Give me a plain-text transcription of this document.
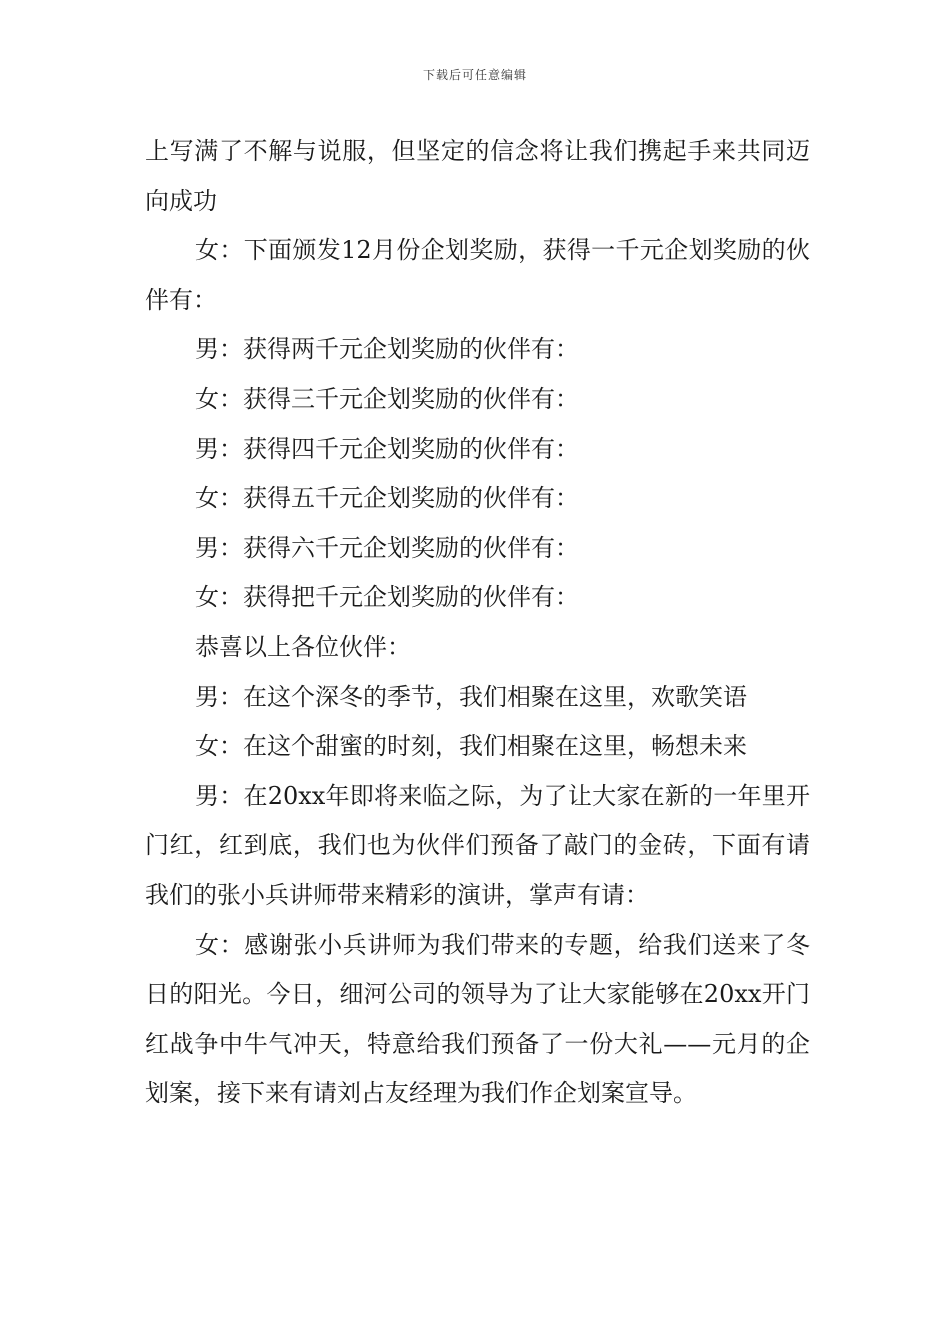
下载后可任意编辑

上写满了不解与说服，但坚定的信念将让我们携起手来共同迈向成功

女：下面颁发12月份企划奖励，获得一千元企划奖励的伙伴有：

男：获得两千元企划奖励的伙伴有：

女：获得三千元企划奖励的伙伴有：

男：获得四千元企划奖励的伙伴有：

女：获得五千元企划奖励的伙伴有：

男：获得六千元企划奖励的伙伴有：

女：获得把千元企划奖励的伙伴有：

恭喜以上各位伙伴：

男：在这个深冬的季节，我们相聚在这里，欢歌笑语

女：在这个甜蜜的时刻，我们相聚在这里，畅想未来

男：在20xx年即将来临之际，为了让大家在新的一年里开门红，红到底，我们也为伙伴们预备了敲门的金砖，下面有请我们的张小兵讲师带来精彩的演讲，掌声有请：

女：感谢张小兵讲师为我们带来的专题，给我们送来了冬日的阳光。今日，细河公司的领导为了让大家能够在20xx开门红战争中牛气冲天，特意给我们预备了一份大礼——元月的企划案，接下来有请刘占友经理为我们作企划案宣导。
